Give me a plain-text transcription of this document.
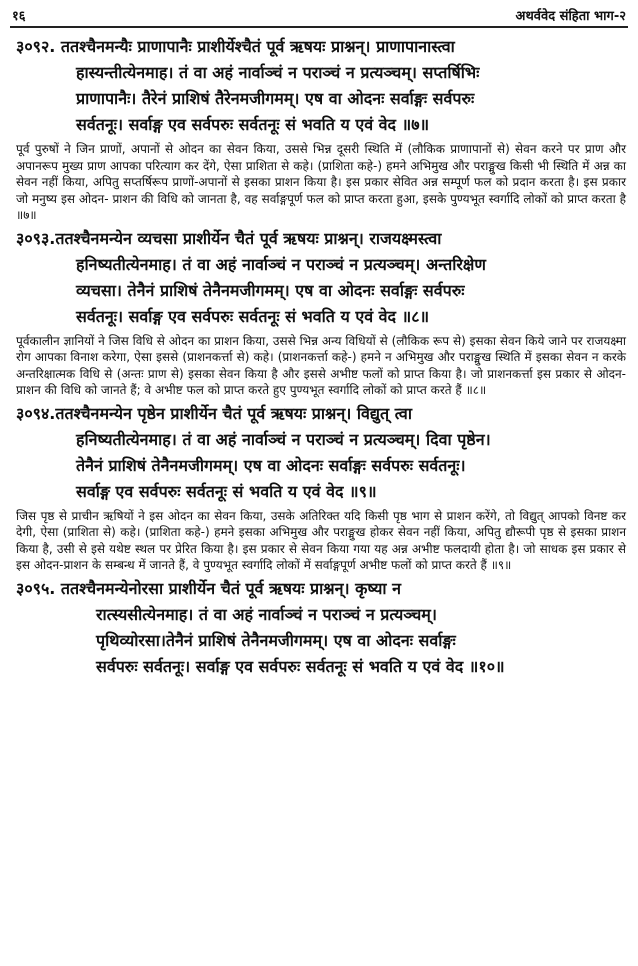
१६	अथर्ववेद संहिता भाग-२

३०९२. ततश्चैनमन्यैः प्राणापानैः प्राशीर्येश्चैतं पूर्व ऋषयः प्राश्नन्। प्राणापानास्त्वा

हास्यन्तीत्येनमाह। तं वा अहं नार्वाञ्चं न पराञ्चं न प्रत्यञ्चम्। सप्तर्षिभिः

प्राणापानैः। तैरेनं प्राशिषं तैरेनमजीगमम्। एष वा ओदनः सर्वाङ्गः सर्वपरुः

सर्वतनूः। सर्वाङ्ग एव सर्वपरुः सर्वतनूः सं भवति य एवं वेद ॥७॥

पूर्व पुरुषों ने जिन प्राणों, अपानों से ओदन का सेवन किया, उससे भिन्न दूसरी स्थिति में (लौकिक प्राणापानों से) सेवन करने पर प्राण और अपानरूप मुख्य प्राण आपका परित्याग कर देंगे, ऐसा प्राशिता से कहे। (प्राशिता कहे-) हमने अभिमुख और पराङ्मुख किसी भी स्थिति में अन्न का सेवन नहीं किया, अपितु सप्तर्षिरूप प्राणों-अपानों से इसका प्राशन किया है। इस प्रकार सेवित अन्न सम्पूर्ण फल को प्रदान करता है। इस प्रकार जो मनुष्य इस ओदन- प्राशन की विधि को जानता है, वह सर्वाङ्गपूर्ण फल को प्राप्त करता हुआ, इसके पुण्यभूत स्वर्गादि लोकों को प्राप्त करता है ॥७॥

३०९३.ततश्चैनमन्येन व्यचसा प्राशीर्येन चैतं पूर्व ऋषयः प्राश्नन्। राजयक्ष्मस्त्वा

हनिष्यतीत्येनमाह। तं वा अहं नार्वाञ्चं न पराञ्चं न प्रत्यञ्चम्। अन्तरिक्षेण

व्यचसा। तेनैनं प्राशिषं तेनैनमजीगमम्। एष वा ओदनः सर्वाङ्गः सर्वपरुः

सर्वतनूः। सर्वाङ्ग एव सर्वपरुः सर्वतनूः सं भवति य एवं वेद ॥८॥

पूर्वकालीन ज्ञानियों ने जिस विधि से ओदन का प्राशन किया, उससे भिन्न अन्य विधियों से (लौकिक रूप से) इसका सेवन किये जाने पर राजयक्ष्मा रोग आपका विनाश करेगा, ऐसा इससे (प्राशनकर्त्ता से) कहे। (प्राशनकर्त्ता कहे-) हमने न अभिमुख और पराङ्मुख स्थिति में इसका सेवन न करके अन्तरिक्षात्मक विधि से (अन्तः प्राण से) इसका सेवन किया है और इससे अभीष्ट फलों को प्राप्त किया है। जो प्राशनकर्त्ता इस प्रकार से ओदन-प्राशन की विधि को जानते हैं; वे अभीष्ट फल को प्राप्त करते हुए पुण्यभूत स्वर्गादि लोकों को प्राप्त करते हैं ॥८॥

३०९४.ततश्चैनमन्येन पृष्ठेन प्राशीर्येन चैतं पूर्व ऋषयः प्राश्नन्। विद्युत् त्वा

हनिष्यतीत्येनमाह। तं वा अहं नार्वाञ्चं न पराञ्चं न प्रत्यञ्चम्। दिवा पृष्ठेन।

तेनैनं प्राशिषं तेनैनमजीगमम्। एष वा ओदनः सर्वाङ्गः सर्वपरुः सर्वतनूः।

सर्वाङ्ग एव सर्वपरुः सर्वतनूः सं भवति य एवं वेद ॥९॥

जिस पृष्ठ से प्राचीन ऋषियों ने इस ओदन का सेवन किया, उसके अतिरिक्त यदि किसी पृष्ठ भाग से प्राशन करेंगे, तो विद्युत् आपको विनष्ट कर देगी, ऐसा (प्राशिता से) कहे। (प्राशिता कहे-) हमने इसका अभिमुख और पराङ्मुख होकर सेवन नहीं किया, अपितु द्यौरूपी पृष्ठ से इसका प्राशन किया है, उसी से इसे यथेष्ट स्थल पर प्रेरित किया है। इस प्रकार से सेवन किया गया यह अन्न अभीष्ट फलदायी होता है। जो साधक इस प्रकार से इस ओदन-प्राशन के सम्बन्ध में जानते हैं, वे पुण्यभूत स्वर्गादि लोकों में सर्वाङ्गपूर्ण अभीष्ट फलों को प्राप्त करते हैं ॥९॥

३०९५. ततश्चैनमन्येनोरसा प्राशीर्येन चैतं पूर्व ऋषयः प्राश्नन्। कृष्या न

रात्स्यसीत्येनमाह। तं वा अहं नार्वाञ्चं न पराञ्चं न प्रत्यञ्चम्।

पृथिव्योरसा।तेनैनं प्राशिषं तेनैनमजीगमम्। एष वा ओदनः सर्वाङ्गः

सर्वपरुः सर्वतनूः। सर्वाङ्ग एव सर्वपरुः सर्वतनूः सं भवति य एवं वेद ॥१०॥
